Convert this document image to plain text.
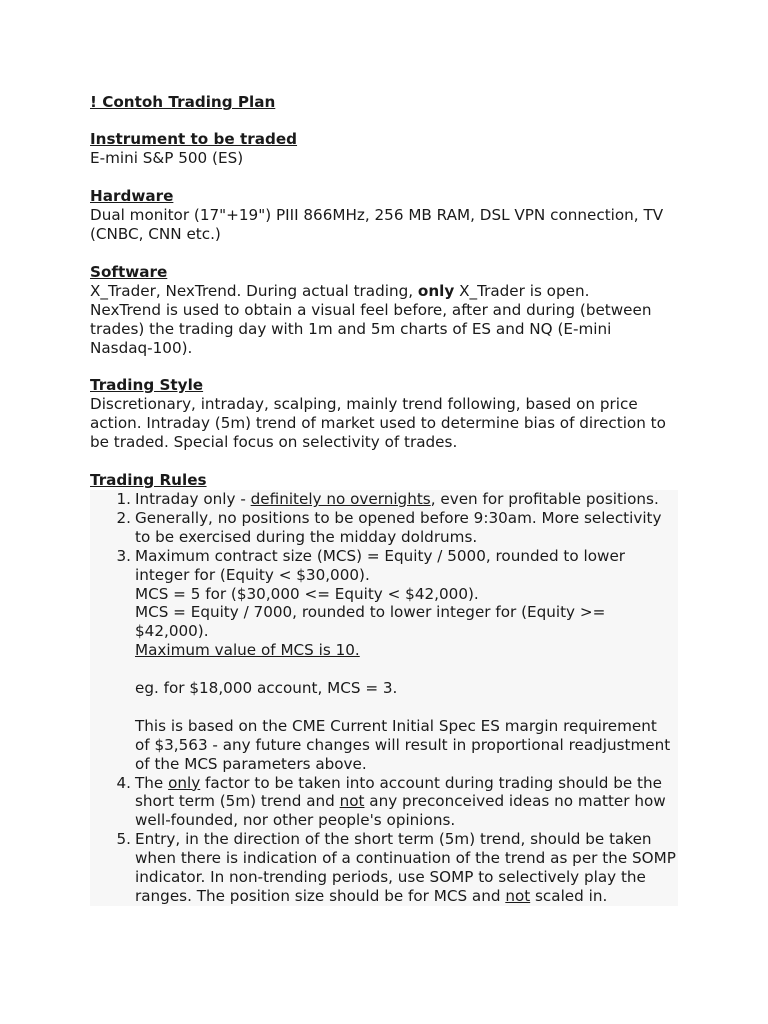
! Contoh Trading Plan

Instrument to be traded

E-mini S&P 500 (ES)

Hardware

Dual monitor (17"+19") PIII 866MHz, 256 MB RAM, DSL VPN connection, TV

(CNBC, CNN etc.)

Software

X_Trader, NexTrend. During actual trading, only X_Trader is open.

NexTrend is used to obtain a visual feel before, after and during (between

trades) the trading day with 1m and 5m charts of ES and NQ (E-mini

Nasdaq-100).

Trading Style

Discretionary, intraday, scalping, mainly trend following, based on price

action. Intraday (5m) trend of market used to determine bias of direction to

be traded. Special focus on selectivity of trades.

Trading Rules

1. Intraday only - definitely no overnights, even for profitable positions.
2. Generally, no positions to be opened before 9:30am. More selectivity
to be exercised during the midday doldrums.
3. Maximum contract size (MCS) = Equity / 5000, rounded to lower
integer for (Equity < $30,000).
MCS = 5 for ($30,000 <= Equity < $42,000).
MCS = Equity / 7000, rounded to lower integer for (Equity >=
$42,000).
Maximum value of MCS is 10.
eg. for $18,000 account, MCS = 3.
This is based on the CME Current Initial Spec ES margin requirement
of $3,563 - any future changes will result in proportional readjustment
of the MCS parameters above.
4. The only factor to be taken into account during trading should be the
short term (5m) trend and not any preconceived ideas no matter how
well-founded, nor other people's opinions.
5. Entry, in the direction of the short term (5m) trend, should be taken
when there is indication of a continuation of the trend as per the SOMP
indicator. In non-trending periods, use SOMP to selectively play the
ranges. The position size should be for MCS and not scaled in.
